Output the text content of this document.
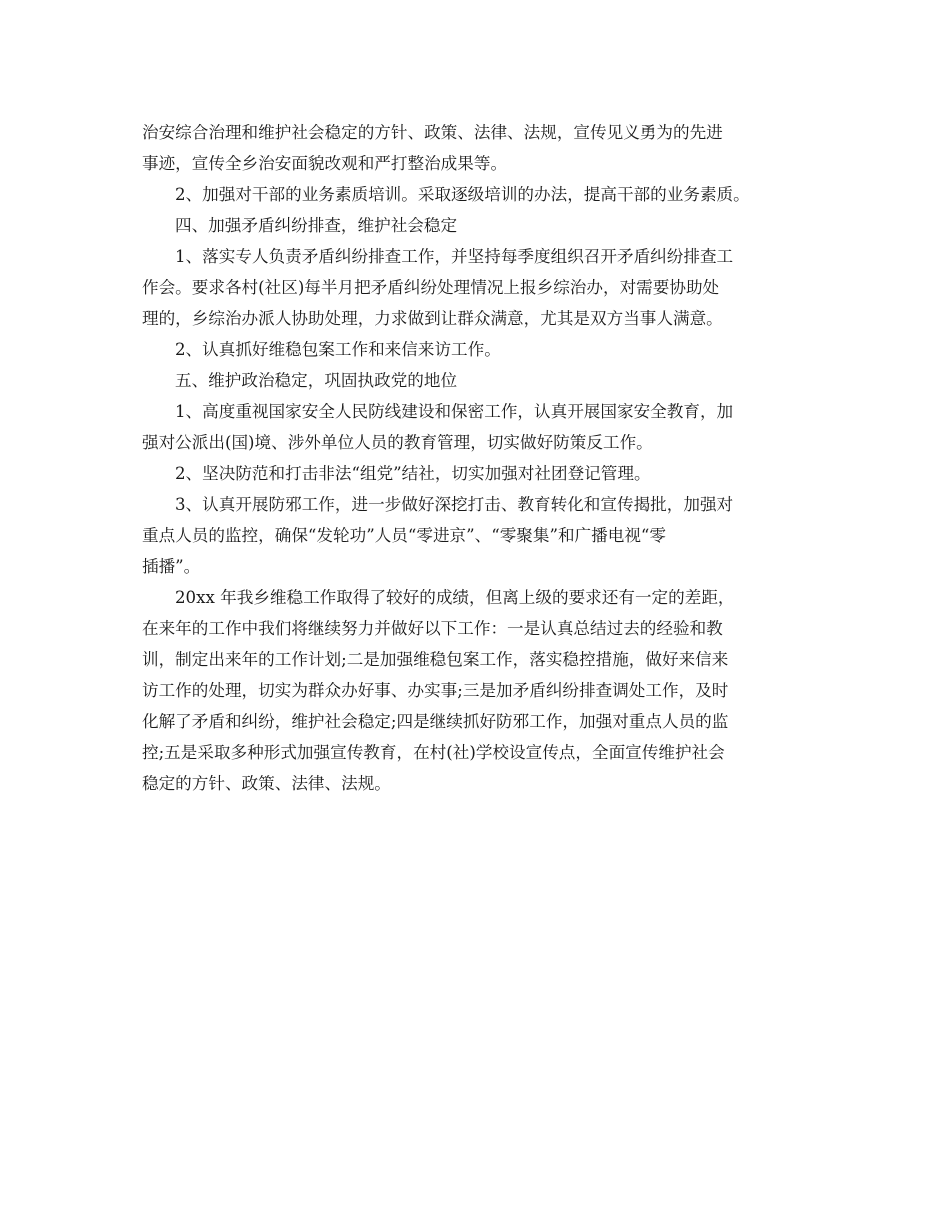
治安综合治理和维护社会稳定的方针、政策、法律、法规，宣传见义勇为的先进
事迹，宣传全乡治安面貌改观和严打整治成果等。
2、加强对干部的业务素质培训。采取逐级培训的办法，提高干部的业务素质。
四、加强矛盾纠纷排查，维护社会稳定
1、落实专人负责矛盾纠纷排查工作，并坚持每季度组织召开矛盾纠纷排查工
作会。要求各村(社区)每半月把矛盾纠纷处理情况上报乡综治办，对需要协助处
理的，乡综治办派人协助处理，力求做到让群众满意，尤其是双方当事人满意。
2、认真抓好维稳包案工作和来信来访工作。
五、维护政治稳定，巩固执政党的地位
1、高度重视国家安全人民防线建设和保密工作，认真开展国家安全教育，加
强对公派出(国)境、涉外单位人员的教育管理，切实做好防策反工作。
2、坚决防范和打击非法“组党”结社，切实加强对社团登记管理。
3、认真开展防邪工作，进一步做好深挖打击、教育转化和宣传揭批，加强对
重点人员的监控，确保“发轮功”人员“零进京”、“零聚集”和广播电视“零
插播”。
20xx 年我乡维稳工作取得了较好的成绩，但离上级的要求还有一定的差距，
在来年的工作中我们将继续努力并做好以下工作：一是认真总结过去的经验和教
训，制定出来年的工作计划;二是加强维稳包案工作，落实稳控措施，做好来信来
访工作的处理，切实为群众办好事、办实事;三是加矛盾纠纷排查调处工作，及时
化解了矛盾和纠纷，维护社会稳定;四是继续抓好防邪工作，加强对重点人员的监
控;五是采取多种形式加强宣传教育，在村(社)学校设宣传点，全面宣传维护社会
稳定的方针、政策、法律、法规。
